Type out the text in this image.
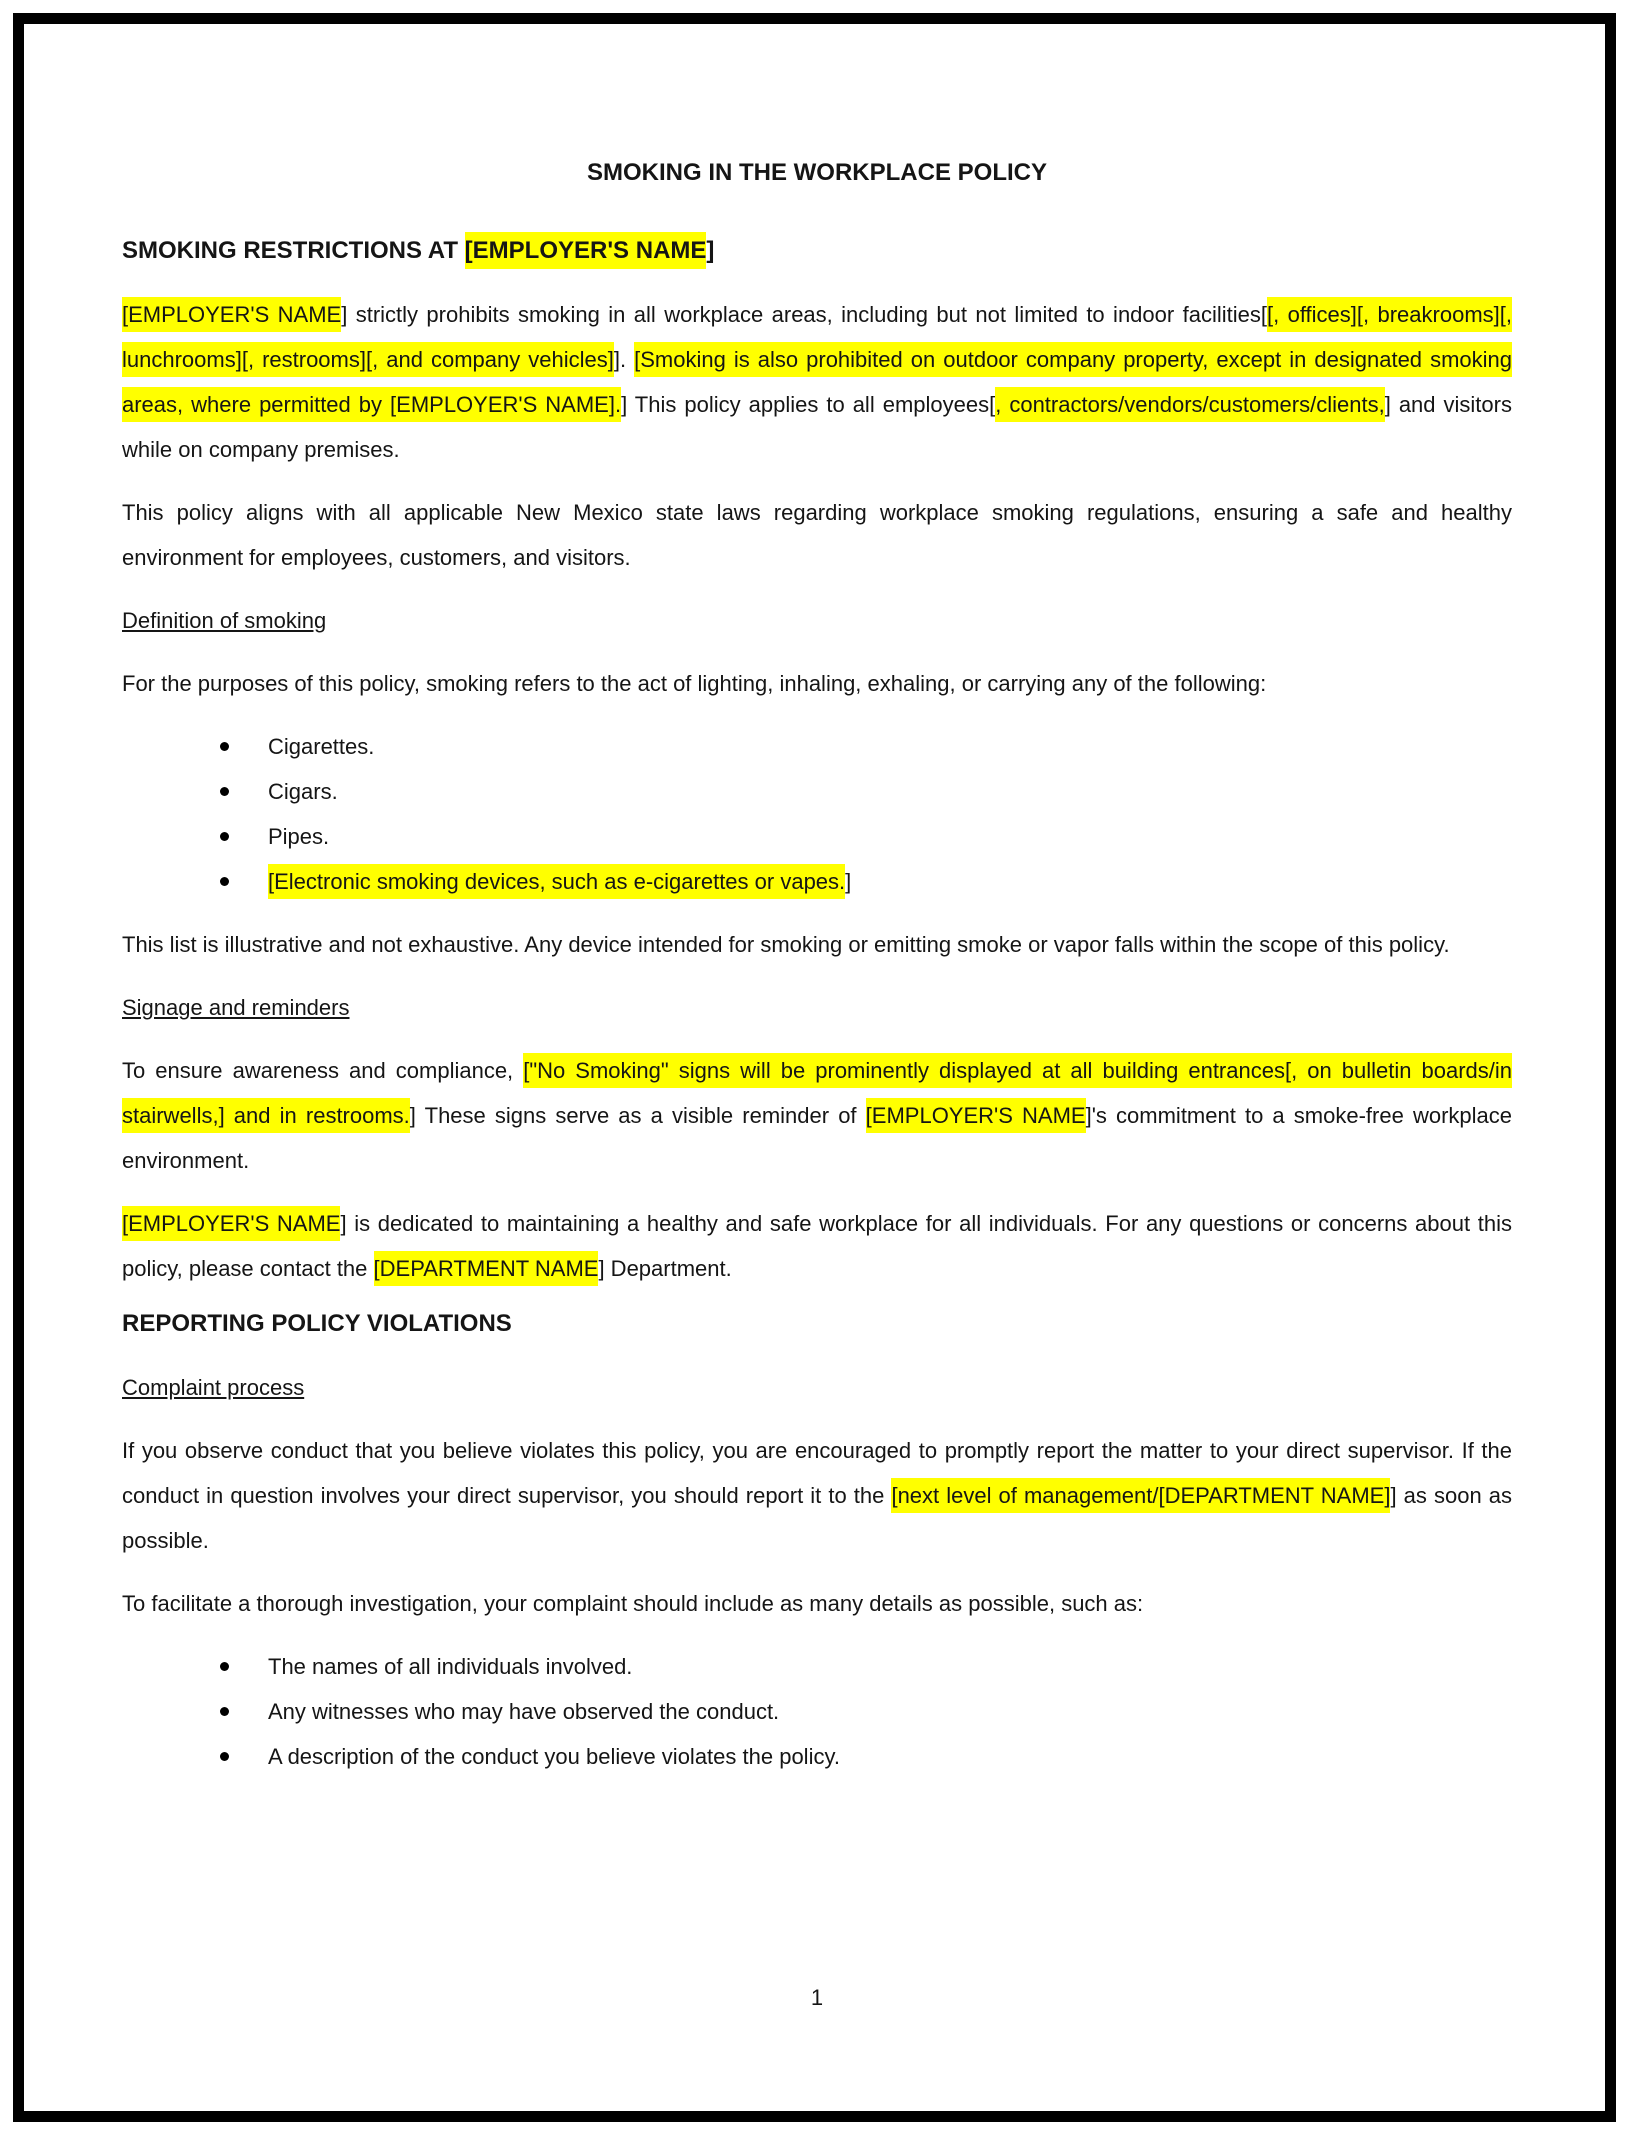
SMOKING IN THE WORKPLACE POLICY
SMOKING RESTRICTIONS AT [EMPLOYER'S NAME]

[EMPLOYER'S NAME] strictly prohibits smoking in all workplace areas, including but not limited to indoor facilities[[, offices][, breakrooms][, lunchrooms][, restrooms][, and company vehicles]]. [Smoking is also prohibited on outdoor company property, except in designated smoking areas, where permitted by [EMPLOYER'S NAME].] This policy applies to all employees[, contractors/vendors/customers/clients,] and visitors while on company premises.

This policy aligns with all applicable New Mexico state laws regarding workplace smoking regulations, ensuring a safe and healthy environment for employees, customers, and visitors.

Definition of smoking

For the purposes of this policy, smoking refers to the act of lighting, inhaling, exhaling, or carrying any of the following:

Cigarettes.
Cigars.
Pipes.
[Electronic smoking devices, such as e-cigarettes or vapes.]

This list is illustrative and not exhaustive. Any device intended for smoking or emitting smoke or vapor falls within the scope of this policy.

Signage and reminders

To ensure awareness and compliance, ["No Smoking" signs will be prominently displayed at all building entrances[, on bulletin boards/in stairwells,] and in restrooms.] These signs serve as a visible reminder of [EMPLOYER'S NAME]'s commitment to a smoke-free workplace environment.

[EMPLOYER'S NAME] is dedicated to maintaining a healthy and safe workplace for all individuals. For any questions or concerns about this policy, please contact the [DEPARTMENT NAME] Department.

REPORTING POLICY VIOLATIONS
Complaint process

If you observe conduct that you believe violates this policy, you are encouraged to promptly report the matter to your direct supervisor. If the conduct in question involves your direct supervisor, you should report it to the [next level of management/[DEPARTMENT NAME]] as soon as possible.

To facilitate a thorough investigation, your complaint should include as many details as possible, such as:

The names of all individuals involved.
Any witnesses who may have observed the conduct.
A description of the conduct you believe violates the policy.
1
